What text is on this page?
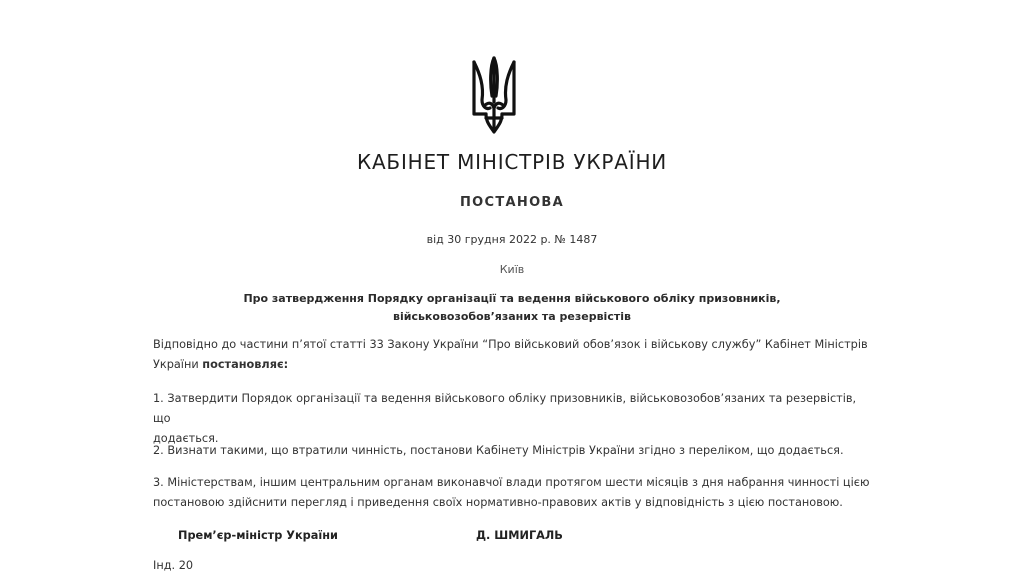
КАБІНЕТ МІНІСТРІВ УКРАЇНИ
ПОСТАНОВА
від 30 грудня 2022 р. № 1487
Київ
Про затвердження Порядку організації та ведення військового обліку призовників,
військовозобов’язаних та резервістів
Відповідно до частини п’ятої статті 33 Закону України “Про військовий обов’язок і військову службу” Кабінет Міністрів
України постановляє:
1. Затвердити Порядок організації та ведення військового обліку призовників, військовозобов’язаних та резервістів, що
додається.
2. Визнати такими, що втратили чинність, постанови Кабінету Міністрів України згідно з переліком, що додається.
3. Міністерствам, іншим центральним органам виконавчої влади протягом шести місяців з дня набрання чинності цією
постановою здійснити перегляд і приведення своїх нормативно-правових актів у відповідність з цією постановою.
Прем’єр-міністр України	Д. ШМИГАЛЬ
Інд. 20
